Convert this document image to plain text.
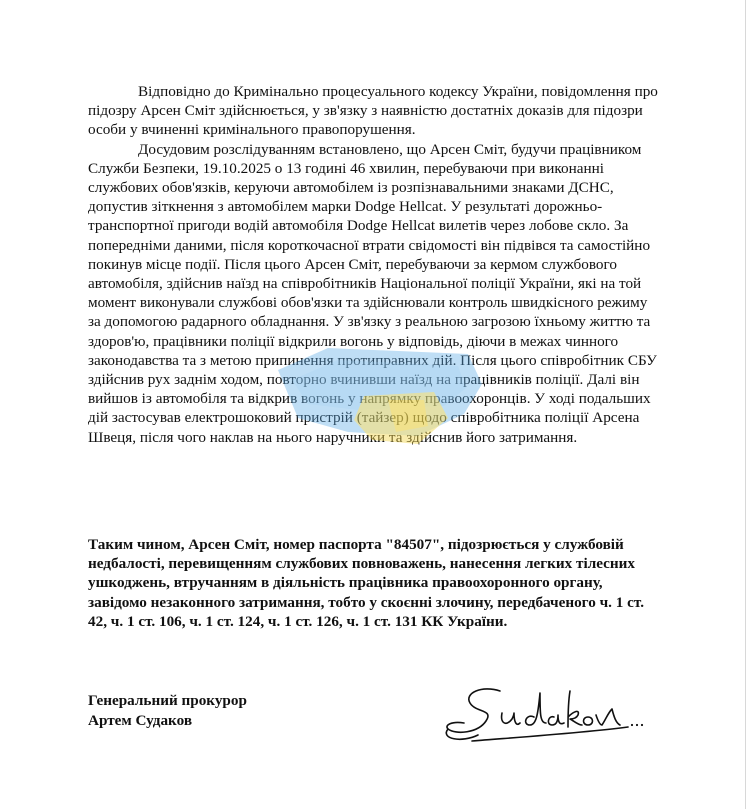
Відповідно до Кримінально процесуального кодексу України, повідомлення про підозру Арсен Сміт здійснюється, у зв'язку з наявністю достатніх доказів для підозри особи у вчиненні кримінального правопорушення.

Досудовим розслідуванням встановлено, що Арсен Сміт, будучи працівником Служби Безпеки, 19.10.2025 о 13 годині 46 хвилин, перебуваючи при виконанні службових обов'язків, керуючи автомобілем із розпізнавальними знаками ДСНС, допустив зіткнення з автомобілем марки Dodge Hellcat. У результаті дорожньо-транспортної пригоди водій автомобіля Dodge Hellcat вилетів через лобове скло. За попередніми даними, після короткочасної втрати свідомості він підвівся та самостійно покинув місце події. Після цього Арсен Сміт, перебуваючи за кермом службового автомобіля, здійснив наїзд на співробітників Національної поліції України, які на той момент виконували службові обов'язки та здійснювали контроль швидкісного режиму за допомогою радарного обладнання. У зв'язку з реальною загрозою їхньому життю та здоров'ю, працівники поліції відкрили вогонь у відповідь, діючи в межах чинного законодавства та з метою припинення протиправних дій. Після цього співробітник СБУ здійснив рух заднім ходом, повторно вчинивши наїзд на працівників поліції. Далі він вийшов із автомобіля та відкрив вогонь у напрямку правоохоронців. У ході подальших дій застосував електрошоковий пристрій (тайзер) щодо співробітника поліції Арсена Швеця, після чого наклав на нього наручники та здійснив його затримання.

Таким чином, Арсен Сміт, номер паспорта "84507", підозрюється у службовій недбалості, перевищенням службових повноважень, нанесення легких тілесних ушкоджень, втручанням в діяльність працівника правоохоронного органу, завідомо незаконного затримання, тобто у скоєнні злочину, передбаченого ч. 1 ст. 42, ч. 1 ст. 106, ч. 1 ст. 124, ч. 1 ст. 126, ч. 1 ст. 131 КК України.

Генеральний прокурор
Артем Судаков
